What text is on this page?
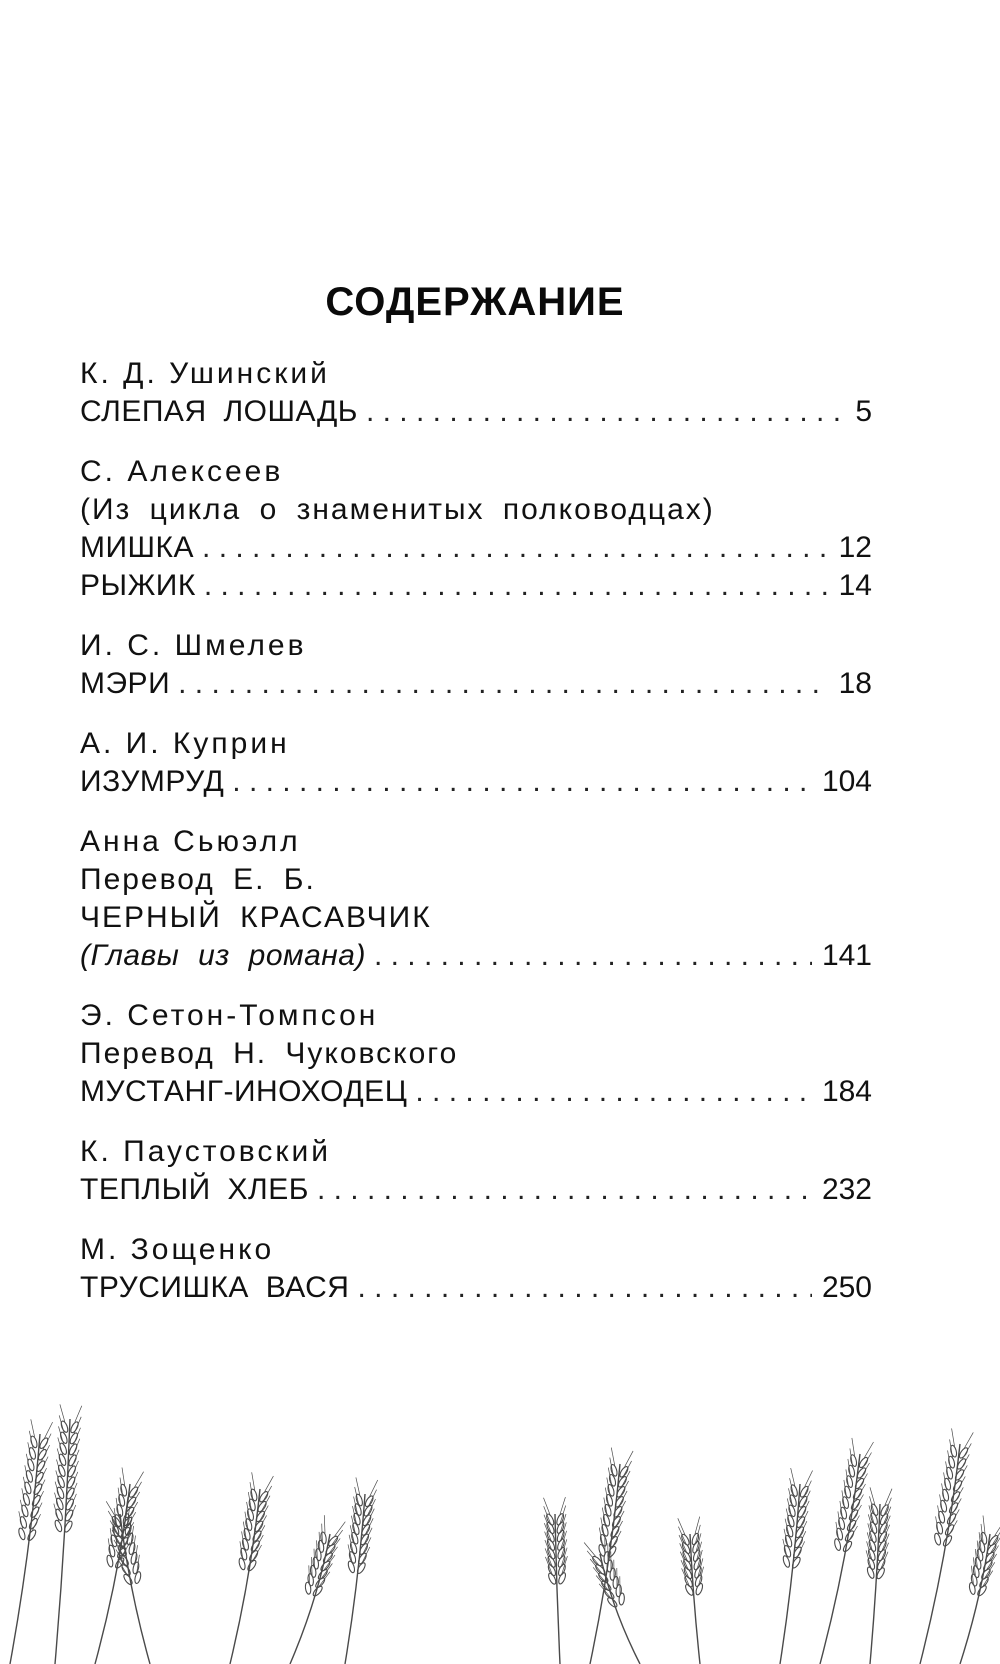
СОДЕРЖАНИЕ
К. Д. Ушинский
СЛЕПАЯ ЛОШАДЬ . . .	5
С. Алексеев
(Из цикла о знаменитых полководцах)
МИШКА . . .	12
РЫЖИК . . .	14
И. С. Шмелев
МЭРИ . . .	18
А. И. Куприн
ИЗУМРУД . . .	104
Анна Сьюэлл
Перевод Е. Б.
ЧЕРНЫЙ КРАСАВЧИК
(Главы из романа) . . .	141
Э. Сетон-Томпсон
Перевод Н. Чуковского
МУСТАНГ-ИНОХОДЕЦ . . .	184
К. Паустовский
ТЕПЛЫЙ ХЛЕБ . . .	232
М. Зощенко
ТРУСИШКА ВАСЯ . . .	250
